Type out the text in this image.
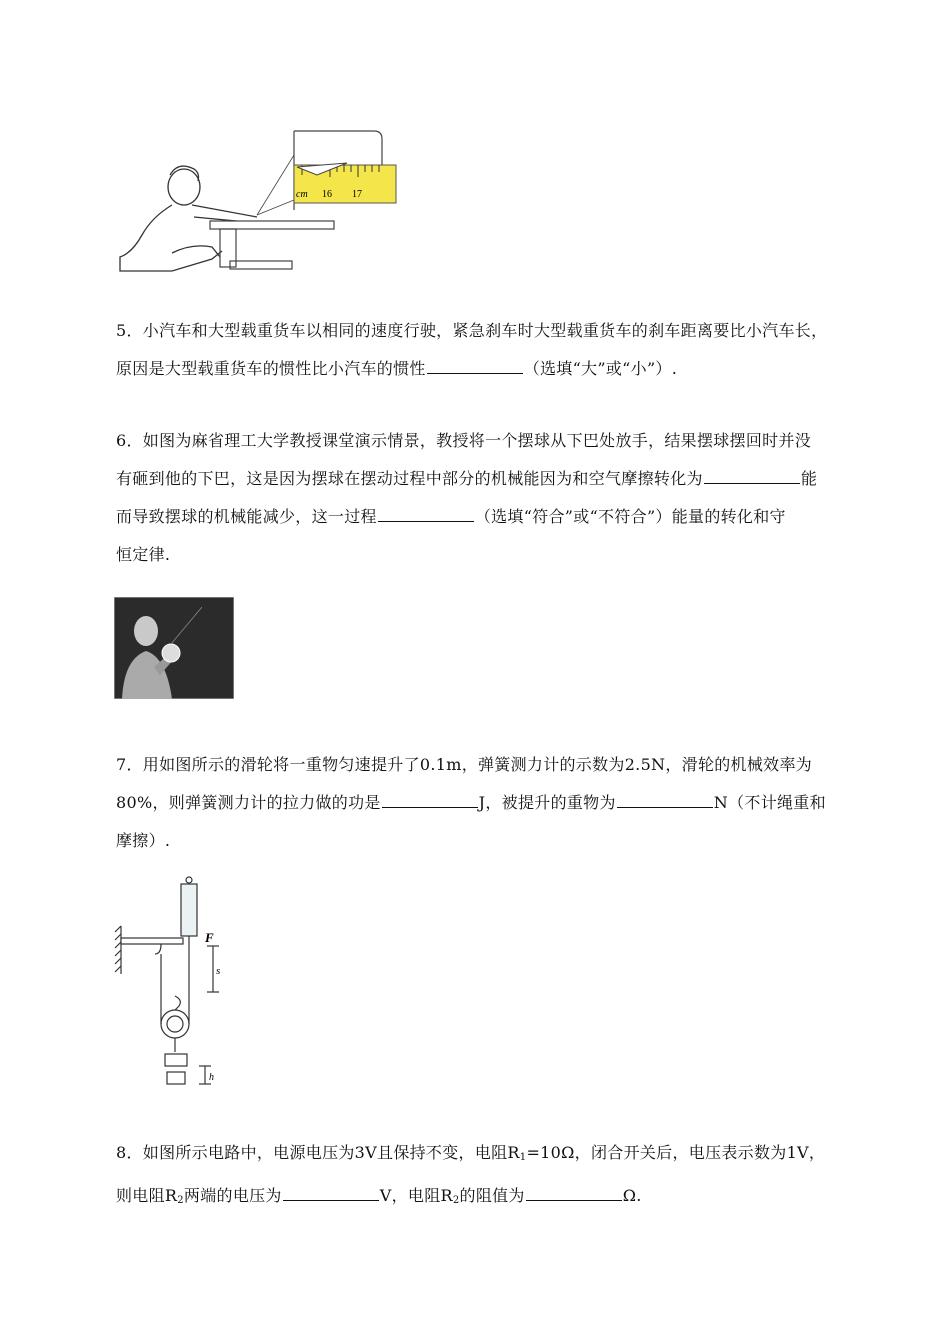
cm 16 17

5．小汽车和大型载重货车以相同的速度行驶，紧急刹车时大型载重货车的刹车距离要比小汽车长，

原因是大型载重货车的惯性比小汽车的惯性	（选填“大”或“小”）.

6．如图为麻省理工大学教授课堂演示情景，教授将一个摆球从下巴处放手，结果摆球摆回时并没

有砸到他的下巴，这是因为摆球在摆动过程中部分的机械能因为和空气摩擦转化为	能

而导致摆球的机械能减少，这一过程	（选填“符合”或“不符合”）能量的转化和守

恒定律.

7．用如图所示的滑轮将一重物匀速提升了0.1m，弹簧测力计的示数为2.5N，滑轮的机械效率为

80%，则弹簧测力计的拉力做的功是	J，被提升的重物为	N（不计绳重和

摩擦）.

F
s
h

8．如图所示电路中，电源电压为3V且保持不变，电阻$R_1=10\Omega$，闭合开关后，电压表示数为1V，

则电阻$R_2$两端的电压为	V，电阻$R_2$的阻值为	Ω.
